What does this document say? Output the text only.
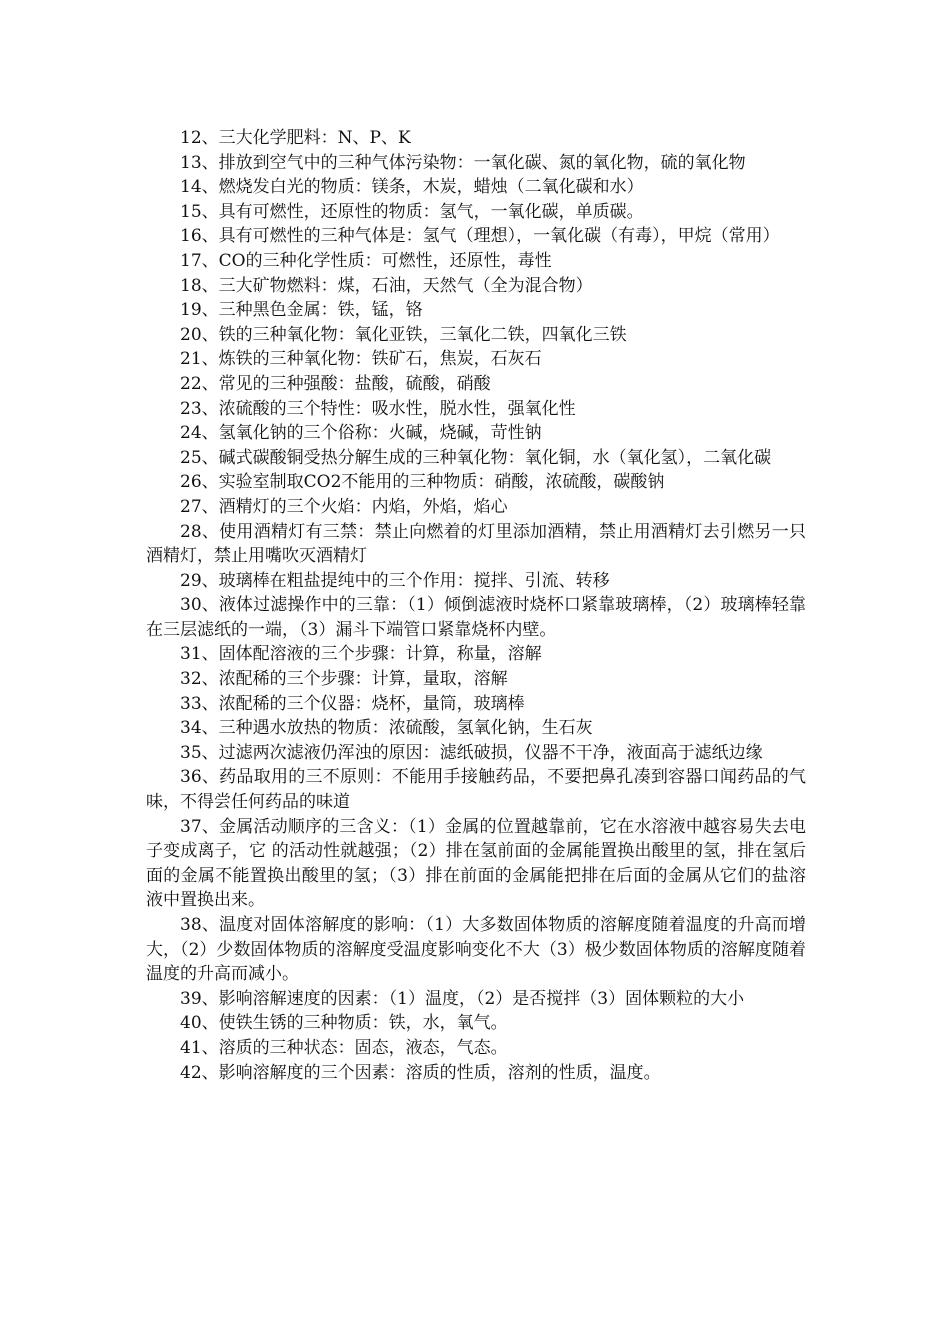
12、三大化学肥料：N、P、K

13、排放到空气中的三种气体污染物：一氧化碳、氮的氧化物，硫的氧化物

14、燃烧发白光的物质：镁条，木炭，蜡烛（二氧化碳和水）

15、具有可燃性，还原性的物质：氢气，一氧化碳，单质碳。

16、具有可燃性的三种气体是：氢气（理想），一氧化碳（有毒），甲烷（常用）

17、CO的三种化学性质：可燃性，还原性，毒性

18、三大矿物燃料：煤，石油，天然气（全为混合物）

19、三种黑色金属：铁，锰，铬

20、铁的三种氧化物：氧化亚铁，三氧化二铁，四氧化三铁

21、炼铁的三种氧化物：铁矿石，焦炭，石灰石

22、常见的三种强酸：盐酸，硫酸，硝酸

23、浓硫酸的三个特性：吸水性，脱水性，强氧化性

24、氢氧化钠的三个俗称：火碱，烧碱，苛性钠

25、碱式碳酸铜受热分解生成的三种氧化物：氧化铜，水（氧化氢），二氧化碳

26、实验室制取CO2不能用的三种物质：硝酸，浓硫酸，碳酸钠

27、酒精灯的三个火焰：内焰，外焰，焰心

28、使用酒精灯有三禁：禁止向燃着的灯里添加酒精，禁止用酒精灯去引燃另一只酒精灯，禁止用嘴吹灭酒精灯

29、玻璃棒在粗盐提纯中的三个作用：搅拌、引流、转移

30、液体过滤操作中的三靠：（1）倾倒滤液时烧杯口紧靠玻璃棒，（2）玻璃棒轻靠在三层滤纸的一端，（3）漏斗下端管口紧靠烧杯内壁。

31、固体配溶液的三个步骤：计算，称量，溶解

32、浓配稀的三个步骤：计算，量取，溶解

33、浓配稀的三个仪器：烧杯，量筒，玻璃棒

34、三种遇水放热的物质：浓硫酸，氢氧化钠，生石灰

35、过滤两次滤液仍浑浊的原因：滤纸破损，仪器不干净，液面高于滤纸边缘

36、药品取用的三不原则：不能用手接触药品，不要把鼻孔凑到容器口闻药品的气味，不得尝任何药品的味道

37、金属活动顺序的三含义：（1）金属的位置越靠前，它在水溶液中越容易失去电子变成离子，它 的活动性就越强；（2）排在氢前面的金属能置换出酸里的氢，排在氢后面的金属不能置换出酸里的氢；（3）排在前面的金属能把排在后面的金属从它们的盐溶液中置换出来。

38、温度对固体溶解度的影响：（1）大多数固体物质的溶解度随着温度的升高而增大，（2）少数固体物质的溶解度受温度影响变化不大（3）极少数固体物质的溶解度随着温度的升高而减小。

39、影响溶解速度的因素：（1）温度，（2）是否搅拌（3）固体颗粒的大小

40、使铁生锈的三种物质：铁，水，氧气。

41、溶质的三种状态：固态，液态，气态。

42、影响溶解度的三个因素：溶质的性质，溶剂的性质，温度。
